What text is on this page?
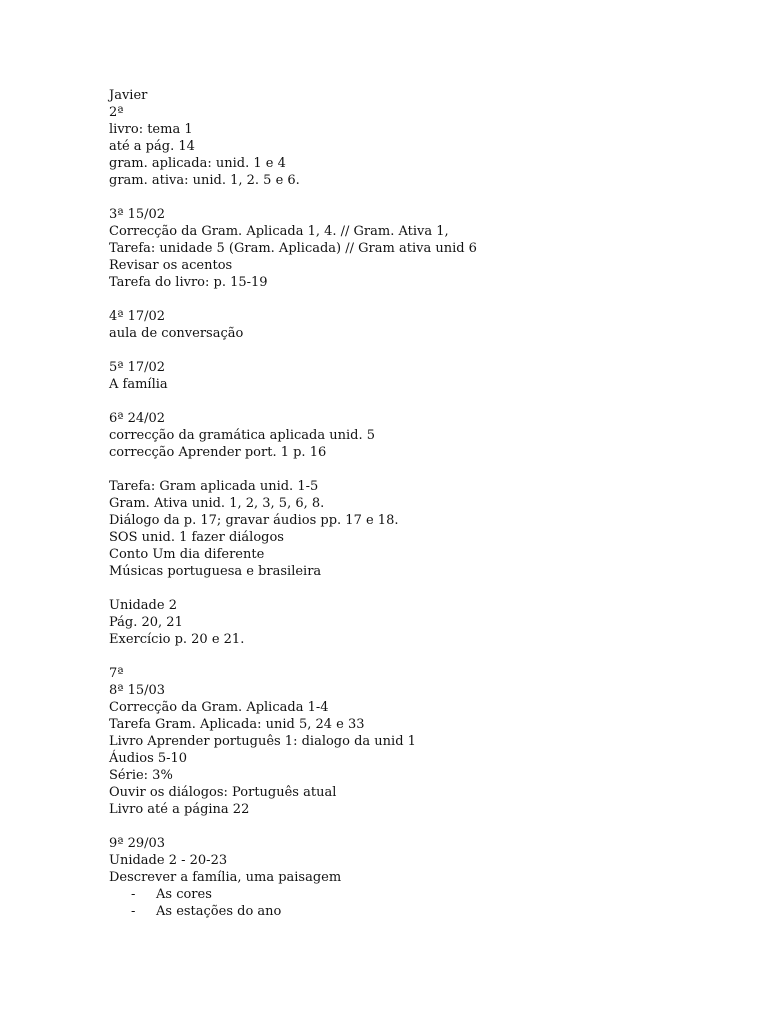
Javier
2ª
livro: tema 1
até a pág. 14
gram. aplicada: unid. 1 e 4
gram. ativa: unid. 1, 2. 5 e 6.
3ª 15/02
Correcção da Gram. Aplicada 1, 4. // Gram. Ativa 1,
Tarefa: unidade 5 (Gram. Aplicada) // Gram ativa unid 6
Revisar os acentos
Tarefa do livro: p. 15-19
4ª 17/02
aula de conversação
5ª 17/02
A família
6ª 24/02
correcção da gramática aplicada unid. 5
correcção Aprender port. 1 p. 16
Tarefa: Gram aplicada unid. 1-5
Gram. Ativa unid. 1, 2, 3, 5, 6, 8.
Diálogo da p. 17; gravar áudios pp. 17 e 18.
SOS unid. 1 fazer diálogos
Conto Um dia diferente
Músicas portuguesa e brasileira
Unidade 2
Pág. 20, 21
Exercício p. 20 e 21.
7ª
8ª 15/03
Correcção da Gram. Aplicada 1-4
Tarefa Gram. Aplicada: unid 5, 24 e 33
Livro Aprender português 1: dialogo da unid 1
Áudios 5-10
Série: 3%
Ouvir os diálogos: Português atual
Livro até a página 22
9ª 29/03
Unidade 2 - 20-23
Descrever a família, uma paisagem
-	As cores
-	As estações do ano
